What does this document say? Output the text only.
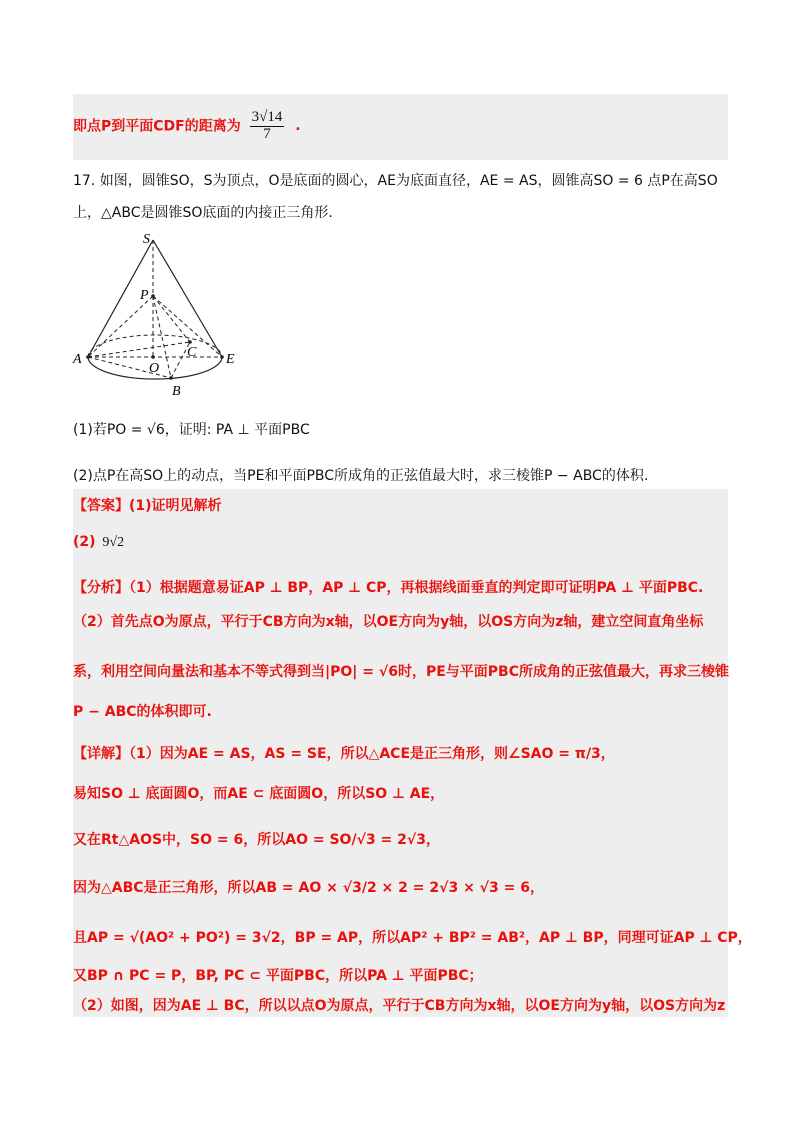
即点P到平面CDF的距离为 $\frac{3√14}{7}$ .
17. 如图，圆锥SO，S为顶点，O是底面的圆心，AE为底面直径，AE = AS，圆锥高SO = 6 点P在高SO
上，△ABC是圆锥SO底面的内接正三角形.
S
P
A	E
C
O
B
(1)若PO = √6，证明: PA ⊥ 平面PBC
(2)点P在高SO上的动点，当PE和平面PBC所成角的正弦值最大时，求三棱锥P − ABC的体积.
【答案】(1)证明见解析
(2) 9√2
【分析】（1）根据题意易证AP ⊥ BP，AP ⊥ CP，再根据线面垂直的判定即可证明PA ⊥ 平面PBC.
（2）首先点O为原点，平行于CB方向为x轴，以OE方向为y轴，以OS方向为z轴，建立空间直角坐标
系，利用空间向量法和基本不等式得到当|PO| = √6时，PE与平面PBC所成角的正弦值最大，再求三棱锥
P − ABC的体积即可.
【详解】（1）因为AE = AS，AS = SE，所以△ACE是正三角形，则∠SAO = π/3，
易知SO ⊥ 底面圆O，而AE ⊂ 底面圆O，所以SO ⊥ AE，
又在Rt△AOS中，SO = 6，所以AO = SO/√3 = 2√3，
因为△ABC是正三角形，所以AB = AO × √3/2 × 2 = 2√3 × √3 = 6，
且AP = √(AO² + PO²) = 3√2，BP = AP，所以AP² + BP² = AB²，AP ⊥ BP，同理可证AP ⊥ CP，
又BP ∩ PC = P，BP, PC ⊂ 平面PBC，所以PA ⊥ 平面PBC；
（2）如图，因为AE ⊥ BC，所以以点O为原点，平行于CB方向为x轴，以OE方向为y轴，以OS方向为z
